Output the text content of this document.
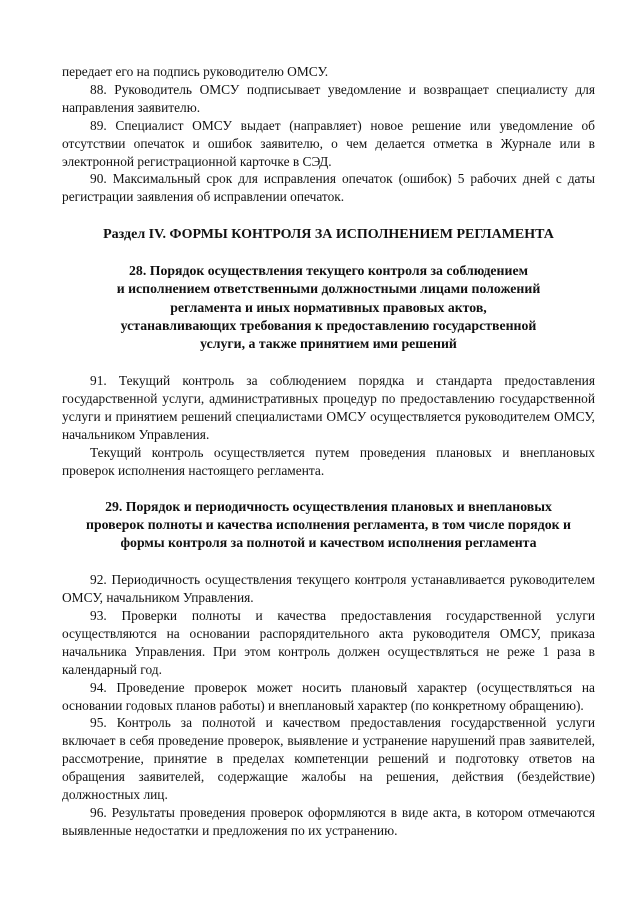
передает его на подпись руководителю ОМСУ.

88. Руководитель ОМСУ подписывает уведомление и возвращает специалисту для направления заявителю.

89. Специалист ОМСУ выдает (направляет) новое решение или уведомление об отсутствии опечаток и ошибок заявителю, о чем делается отметка в Журнале или в электронной регистрационной карточке в СЭД.

90. Максимальный срок для исправления опечаток (ошибок) 5 рабочих дней с даты регистрации заявления об исправлении опечаток.

Раздел IV. ФОРМЫ КОНТРОЛЯ ЗА ИСПОЛНЕНИЕМ РЕГЛАМЕНТА
28. Порядок осуществления текущего контроля за соблюдением
и исполнением ответственными должностными лицами положений
регламента и иных нормативных правовых актов,
устанавливающих требования к предоставлению государственной
услуги, а также принятием ими решений

91. Текущий контроль за соблюдением порядка и стандарта предоставления государственной услуги, административных процедур по предоставлению государственной услуги и принятием решений специалистами ОМСУ осуществляется руководителем ОМСУ, начальником Управления.

Текущий контроль осуществляется путем проведения плановых и внеплановых проверок исполнения настоящего регламента.

29. Порядок и периодичность осуществления плановых и внеплановых
проверок полноты и качества исполнения регламента, в том числе порядок и
формы контроля за полнотой и качеством исполнения регламента

92. Периодичность осуществления текущего контроля устанавливается руководителем ОМСУ, начальником Управления.

93. Проверки полноты и качества предоставления государственной услуги осуществляются на основании распорядительного акта руководителя ОМСУ, приказа начальника Управления. При этом контроль должен осуществляться не реже 1 раза в календарный год.

94. Проведение проверок может носить плановый характер (осуществляться на основании годовых планов работы) и внеплановый характер (по конкретному обращению).

95. Контроль за полнотой и качеством предоставления государственной услуги включает в себя проведение проверок, выявление и устранение нарушений прав заявителей, рассмотрение, принятие в пределах компетенции решений и подготовку ответов на обращения заявителей, содержащие жалобы на решения, действия (бездействие) должностных лиц.

96. Результаты проведения проверок оформляются в виде акта, в котором отмечаются выявленные недостатки и предложения по их устранению.
